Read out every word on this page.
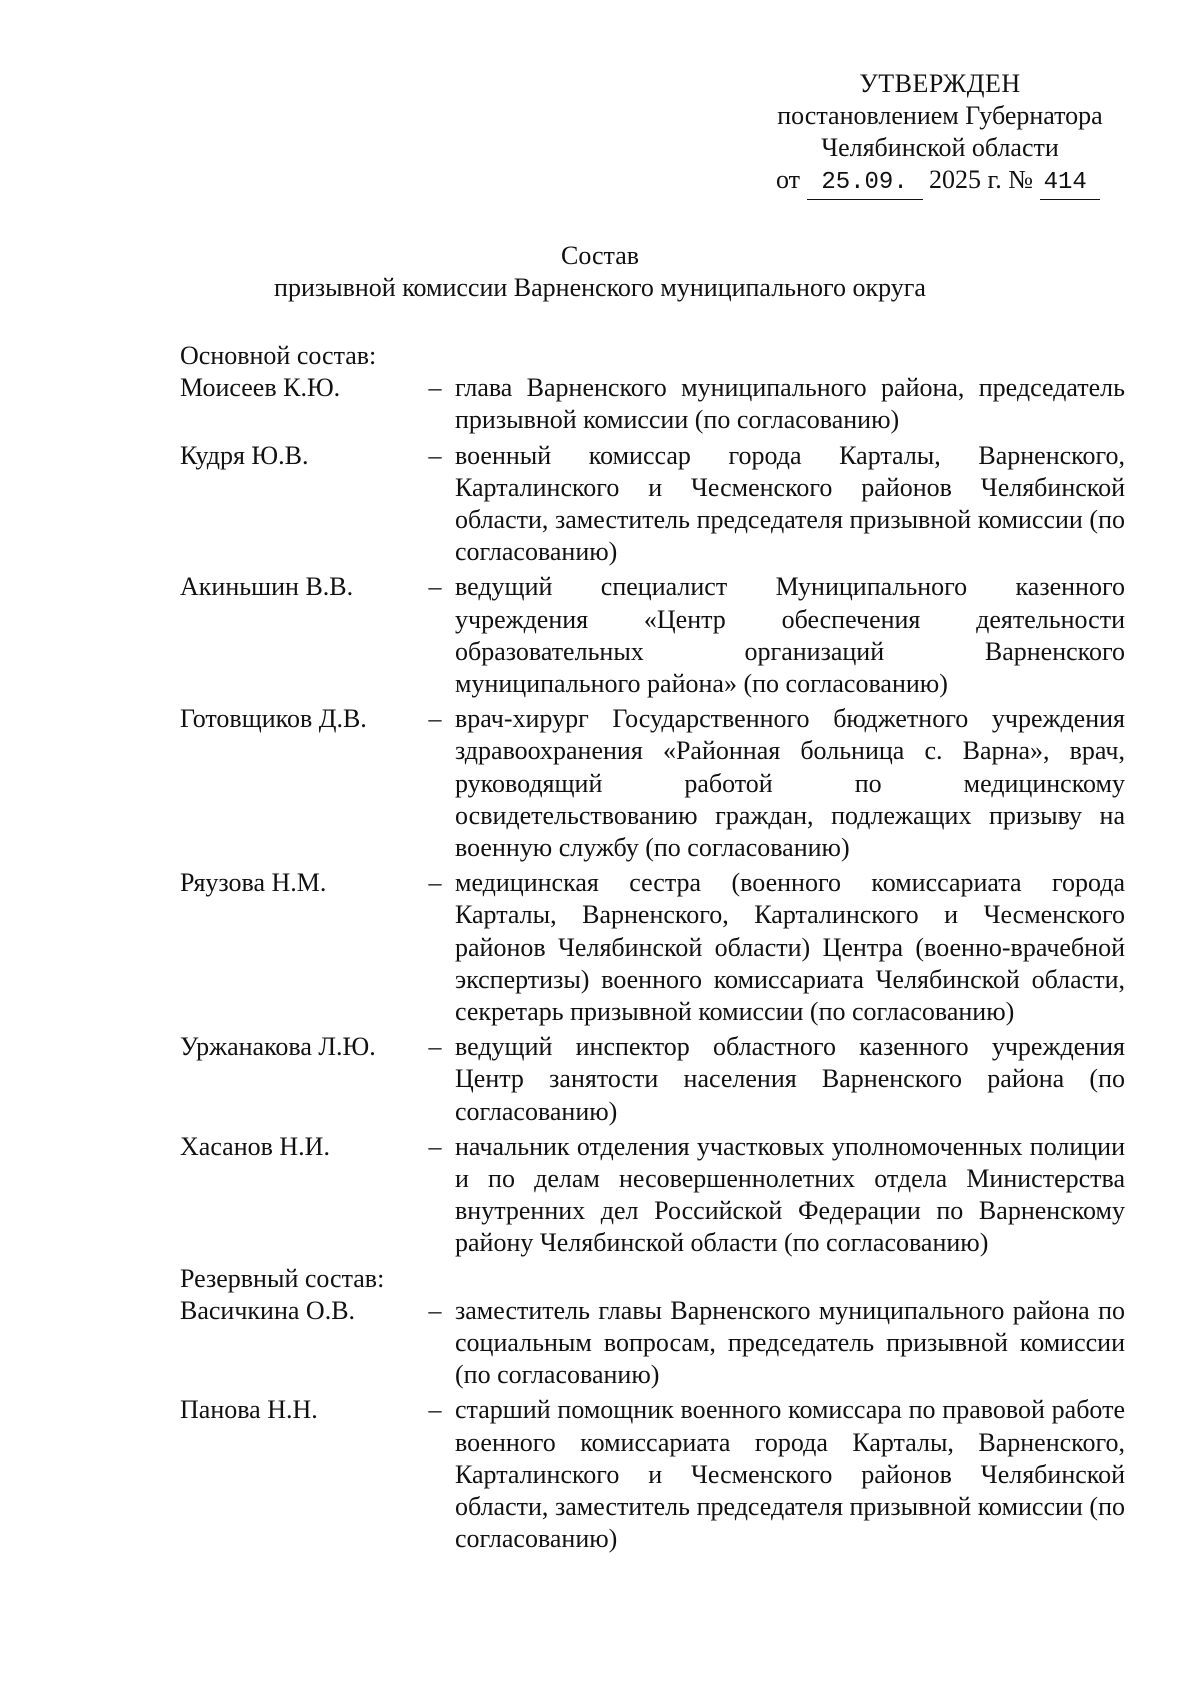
УТВЕРЖДЕН
постановлением Губернатора
Челябинской области
от 25.09. 2025 г. № 414
Состав
призывной комиссии Варненского муниципального округа
Основной состав:
Моисеев К.Ю.	– глава Варненского муниципального района, председатель призывной комиссии (по согласованию)
Кудря Ю.В.	– военный комиссар города Карталы, Варненского, Карталинского и Чесменского районов Челябинской области, заместитель председателя призывной комиссии (по согласованию)
Акиньшин В.В.	– ведущий специалист Муниципального казенного учреждения «Центр обеспечения деятельности образовательных организаций Варненского муниципального района» (по согласованию)
Готовщиков Д.В.	– врач-хирург Государственного бюджетного учреждения здравоохранения «Районная больница с. Варна», врач, руководящий работой по медицинскому освидетельствованию граждан, подлежащих призыву на военную службу (по согласованию)
Ряузова Н.М.	– медицинская сестра (военного комиссариата города Карталы, Варненского, Карталинского и Чесменского районов Челябинской области) Центра (военно-врачебной экспертизы) военного комиссариата Челябинской области, секретарь призывной комиссии (по согласованию)
Уржанакова Л.Ю.	– ведущий инспектор областного казенного учреждения Центр занятости населения Варненского района (по согласованию)
Хасанов Н.И.	– начальник отделения участковых уполномоченных полиции и по делам несовершеннолетних отдела Министерства внутренних дел Российской Федерации по Варненскому району Челябинской области (по согласованию)
Резервный состав:
Васичкина О.В.	– заместитель главы Варненского муниципального района по социальным вопросам, председатель призывной комиссии (по согласованию)
Панова Н.Н.	– старший помощник военного комиссара по правовой работе военного комиссариата города Карталы, Варненского, Карталинского и Чесменского районов Челябинской области, заместитель председателя призывной комиссии (по согласованию)
